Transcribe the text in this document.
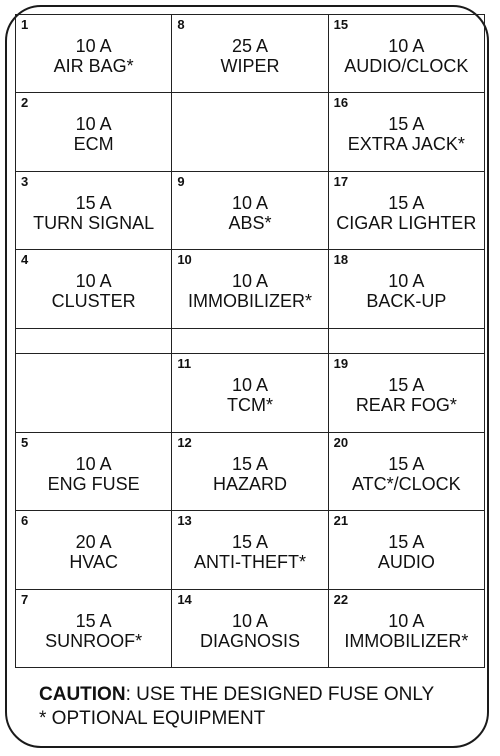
1
10 A
AIR BAG*
8
25 A
WIPER
15
10 A
AUDIO/CLOCK
2
10 A
ECM
16
15 A
EXTRA JACK*
3
15 A
TURN SIGNAL
9
10 A
ABS*
17
15 A
CIGAR LIGHTER
4
10 A
CLUSTER
10
10 A
IMMOBILIZER*
18
10 A
BACK-UP
11
10 A
TCM*
19
15 A
REAR FOG*
5
10 A
ENG FUSE
12
15 A
HAZARD
20
15 A
ATC*/CLOCK
6
20 A
HVAC
13
15 A
ANTI-THEFT*
21
15 A
AUDIO
7
15 A
SUNROOF*
14
10 A
DIAGNOSIS
22
10 A
IMMOBILIZER*
CAUTION: USE THE DESIGNED FUSE ONLY
* OPTIONAL EQUIPMENT
